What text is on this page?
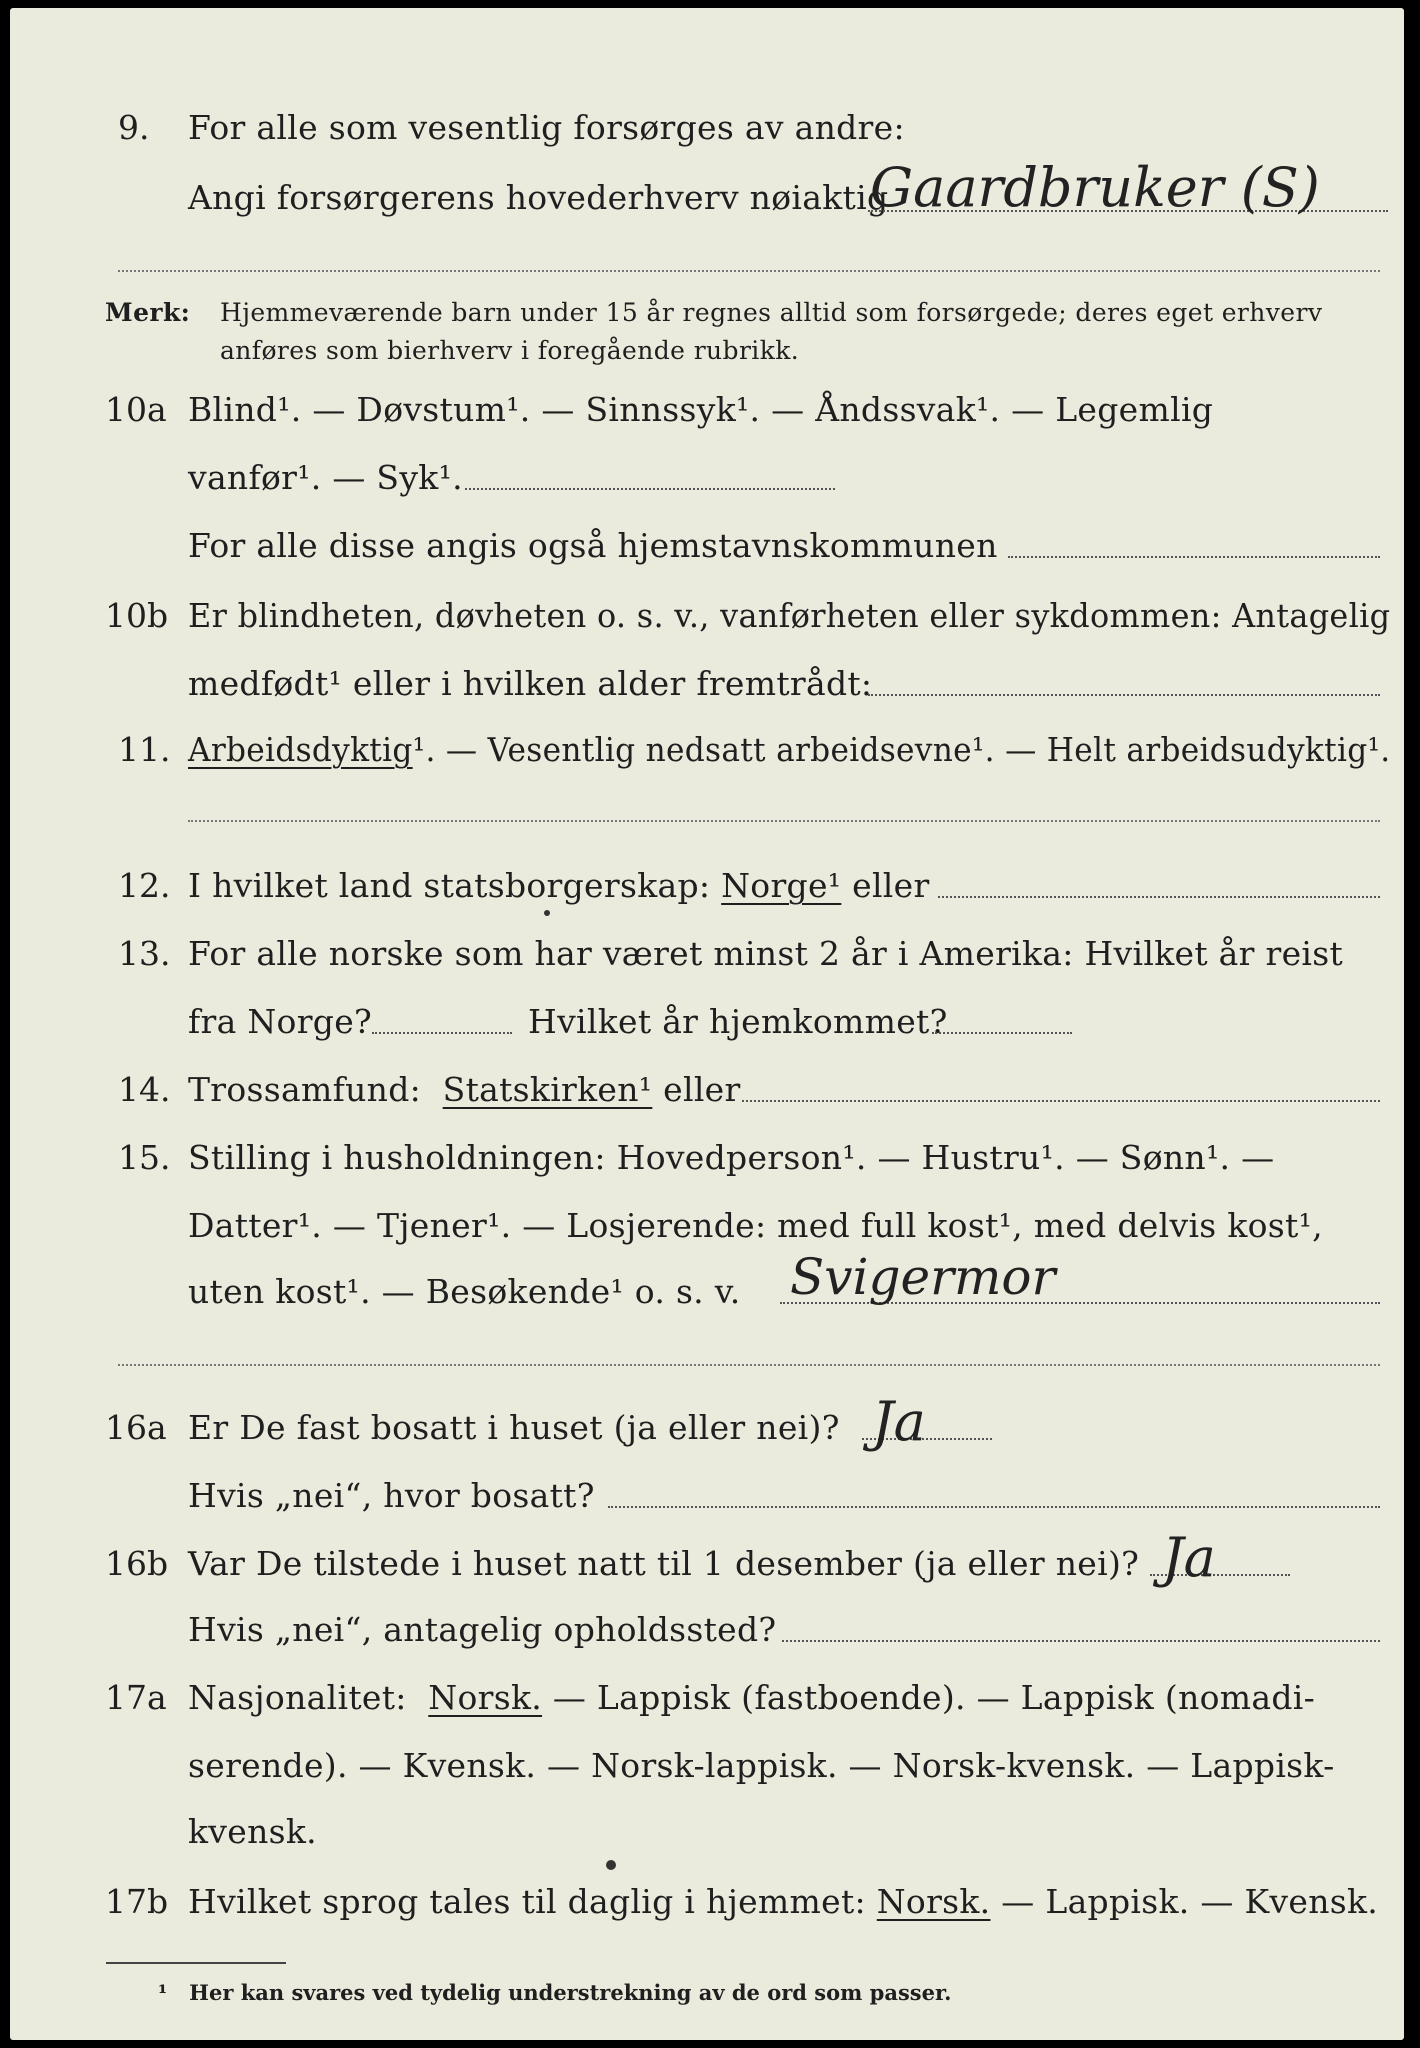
9. For alle som vesentlig forsørges av andre:
Angi forsørgerens hovederhverv nøiaktig
Gaardbruker (S)
Merk: Hjemmeværende barn under 15 år regnes alltid som forsørgede; deres eget erhverv
anføres som bierhverv i foregående rubrikk.
10a Blind¹. — Døvstum¹. — Sinnssyk¹. — Åndssvak¹. — Legemlig
vanfør¹. — Syk¹.
For alle disse angis også hjemstavnskommunen
10b Er blindheten, døvheten o. s. v., vanførheten eller sykdommen: Antagelig
medfødt¹ eller i hvilken alder fremtrådt:
11. Arbeidsdyktig¹. — Vesentlig nedsatt arbeidsevne¹. — Helt arbeidsudyktig¹.
12. I hvilket land statsborgerskap: Norge¹ eller
13. For alle norske som har været minst 2 år i Amerika: Hvilket år reist
fra Norge?	Hvilket år hjemkommet?
14. Trossamfund: Statskirken¹ eller
15. Stilling i husholdningen: Hovedperson¹. — Hustru¹. — Sønn¹. —
Datter¹. — Tjener¹. — Losjerende: med full kost¹, med delvis kost¹,
uten kost¹. — Besøkende¹ o. s. v. Svigermor
16a Er De fast bosatt i huset (ja eller nei)? Ja
Hvis „nei“, hvor bosatt?
16b Var De tilstede i huset natt til 1 desember (ja eller nei)? Ja
Hvis „nei“, antagelig opholdssted?
17a Nasjonalitet: Norsk. — Lappisk (fastboende). — Lappisk (nomadi-
serende). — Kvensk. — Norsk-lappisk. — Norsk-kvensk. — Lappisk-
kvensk.
17b Hvilket sprog tales til daglig i hjemmet: Norsk. — Lappisk. — Kvensk.
¹ Her kan svares ved tydelig understrekning av de ord som passer.
